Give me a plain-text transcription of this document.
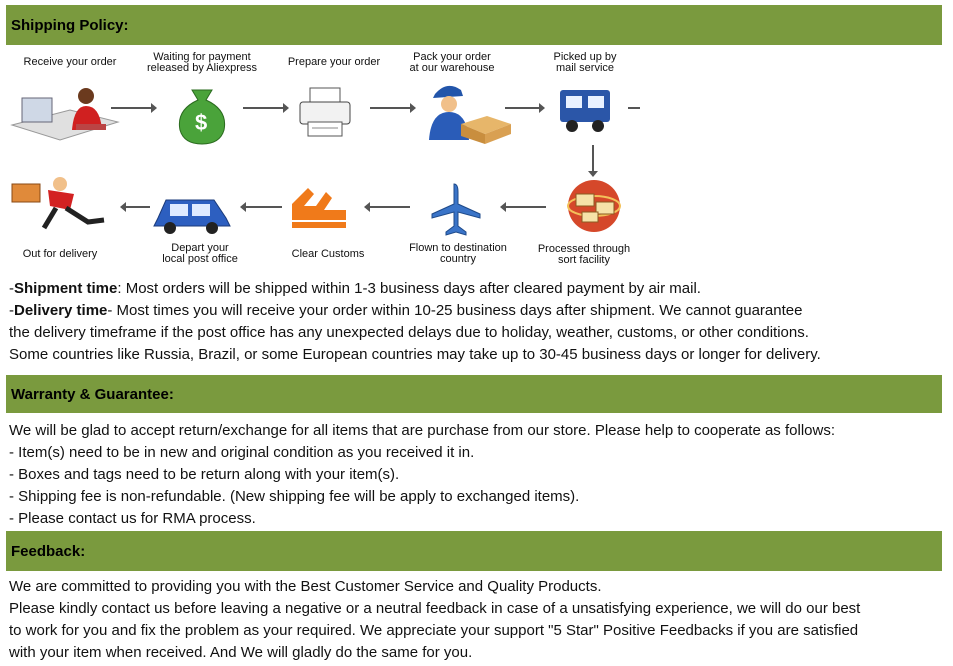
Shipping Policy:
Receive your order	Waiting for payment
released by Aliexpress	Prepare your order	Pack your order
at our warehouse
Picked up by
mail service
$
Out for delivery	Depart your
local post office	Clear Customs	Flown to destination
country
Processed through
sort facility

-Shipment time: Most orders will be shipped within 1-3 business days after cleared payment by air mail.

-Delivery time- Most times you will receive your order within 10-25 business days after shipment. We cannot guarantee

the delivery timeframe if the post office has any unexpected delays due to holiday, weather, customs, or other conditions.

Some countries like Russia, Brazil, or some European countries may take up to 30-45 business days or longer for delivery.

Warranty & Guarantee:

We will be glad to accept return/exchange for all items that are purchase from our store. Please help to cooperate as follows:

- Item(s) need to be in new and original condition as you received it in.

- Boxes and tags need to be return along with your item(s).

- Shipping fee is non-refundable. (New shipping fee will be apply to exchanged items).

- Please contact us for RMA process.

Feedback:

We are committed to providing you with the Best Customer Service and Quality Products.

Please kindly contact us before leaving a negative or a neutral feedback in case of a unsatisfying experience, we will do our best

to work for you and fix the problem as your required. We appreciate your support "5 Star" Positive Feedbacks if you are satisfied

with your item when received. And We will gladly do the same for you.
